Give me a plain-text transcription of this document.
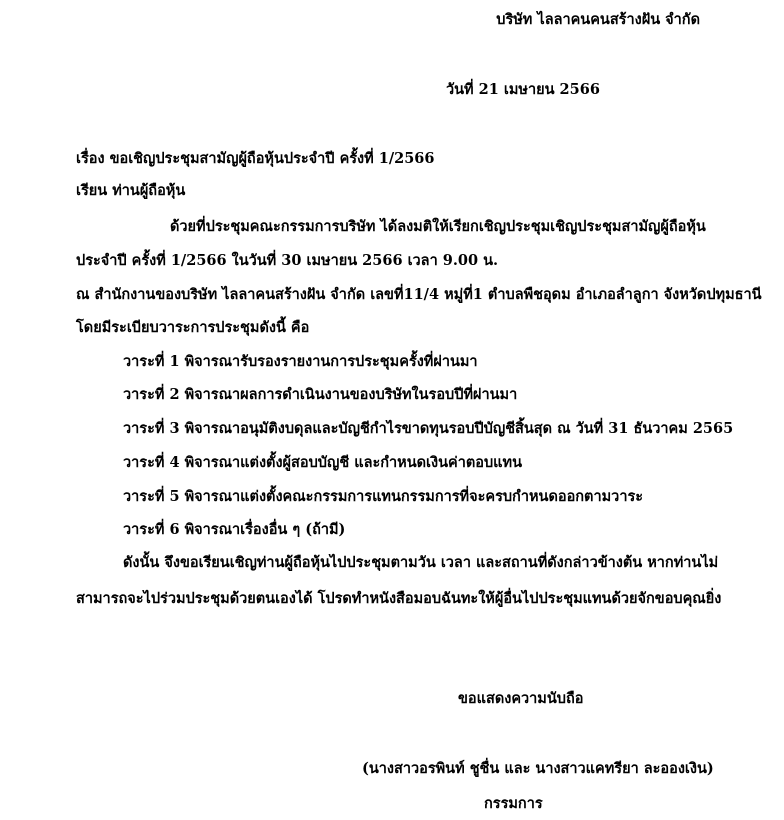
บริษัท ไลลาคนคนสร้างฝัน จำกัด
วันที่ 21 เมษายน 2566
เรื่อง ขอเชิญประชุมสามัญผู้ถือหุ้นประจำปี ครั้งที่ 1/2566
เรียน ท่านผู้ถือหุ้น
ด้วยที่ประชุมคณะกรรมการบริษัท ได้ลงมติให้เรียกเชิญประชุมเชิญประชุมสามัญผู้ถือหุ้น
ประจำปี ครั้งที่ 1/2566 ในวันที่ 30 เมษายน 2566 เวลา 9.00 น.
ณ สำนักงานของบริษัท ไลลาคนสร้างฝัน จำกัด เลขที่11/4 หมู่ที่1 ตำบลพืชอุดม อำเภอลำลูกา จังหวัดปทุมธานี
โดยมีระเบียบวาระการประชุมดังนี้ คือ
วาระที่ 1 พิจารณารับรองรายงานการประชุมครั้งที่ผ่านมา
วาระที่ 2 พิจารณาผลการดำเนินงานของบริษัทในรอบปีที่ผ่านมา
วาระที่ 3 พิจารณาอนุมัติงบดุลและบัญชีกำไรขาดทุนรอบปีบัญชีสิ้นสุด ณ วันที่ 31 ธันวาคม 2565
วาระที่ 4 พิจารณาแต่งตั้งผู้สอบบัญชี และกำหนดเงินค่าตอบแทน
วาระที่ 5 พิจารณาแต่งตั้งคณะกรรมการแทนกรรมการที่จะครบกำหนดออกตามวาระ
วาระที่ 6 พิจารณาเรื่องอื่น ๆ (ถ้ามี)
ดังนั้น จึงขอเรียนเชิญท่านผู้ถือหุ้นไปประชุมตามวัน เวลา และสถานที่ดังกล่าวข้างต้น หากท่านไม่
สามารถจะไปร่วมประชุมด้วยตนเองได้ โปรดทำหนังสือมอบฉันทะให้ผู้อื่นไปประชุมแทนด้วยจักขอบคุณยิ่ง
ขอแสดงความนับถือ
(นางสาวอรพินท์ ชูชื่น และ นางสาวแคทรียา ละอองเงิน)
กรรมการ
